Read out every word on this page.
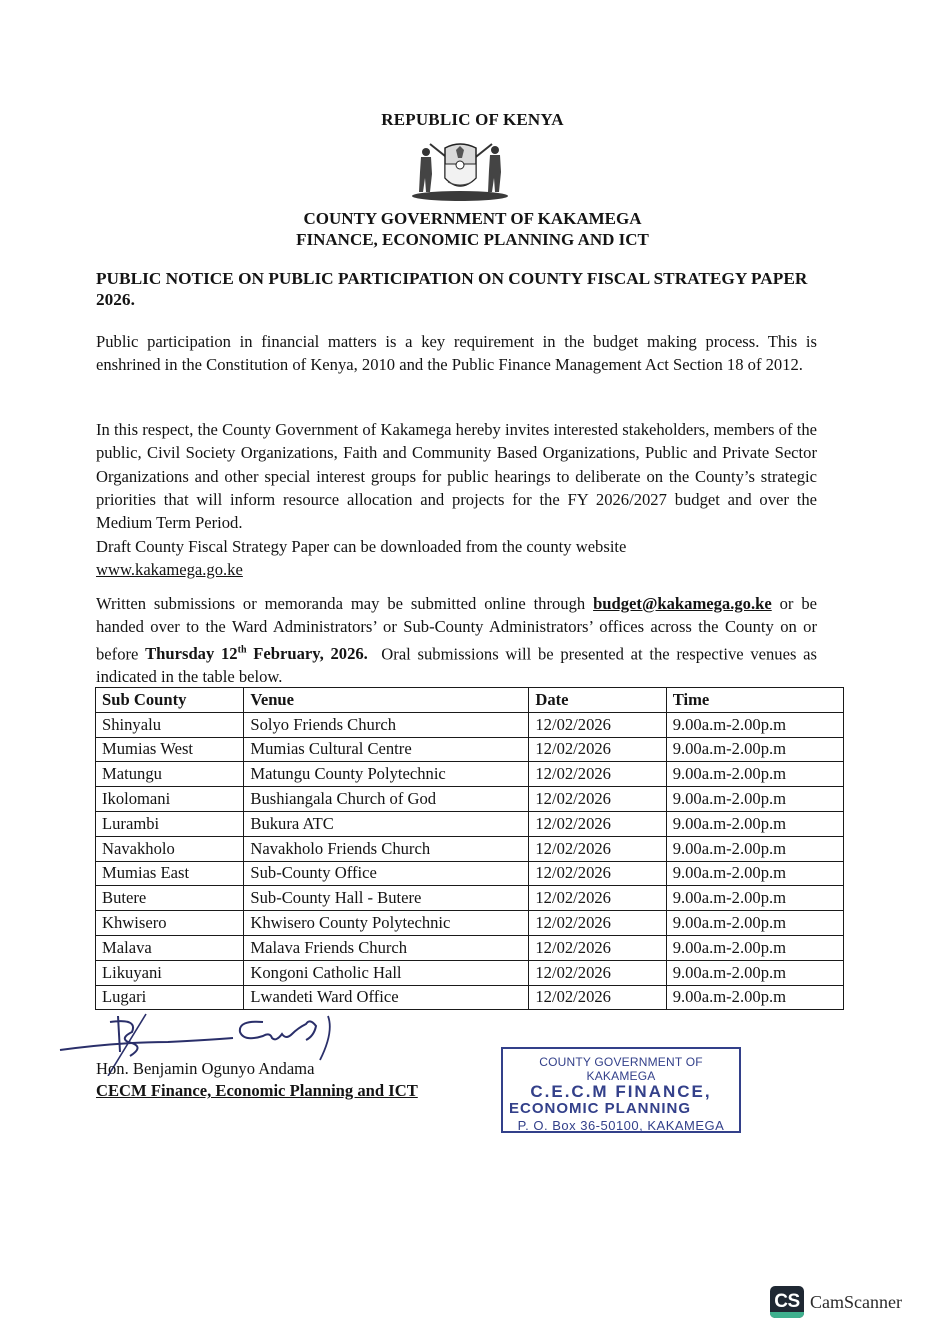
REPUBLIC OF KENYA
COUNTY GOVERNMENT OF KAKAMEGA
FINANCE, ECONOMIC PLANNING AND ICT
PUBLIC NOTICE ON PUBLIC PARTICIPATION ON COUNTY FISCAL STRATEGY PAPER 2026.
Public participation in financial matters is a key requirement in the budget making process. This is enshrined in the Constitution of Kenya, 2010 and the Public Finance Management Act Section 18 of 2012.
In this respect, the County Government of Kakamega hereby invites interested stakeholders, members of the public, Civil Society Organizations, Faith and Community Based Organizations, Public and Private Sector Organizations and other special interest groups for public hearings to deliberate on the County’s strategic priorities that will inform resource allocation and projects for the FY 2026/2027 budget and over the Medium Term Period.
Draft County Fiscal Strategy Paper can be downloaded from the county website
www.kakamega.go.ke
Written submissions or memoranda may be submitted online through budget@kakamega.go.ke or be handed over to the Ward Administrators’ or Sub-County Administrators’ offices across the County on or before Thursday 12th February, 2026.  Oral submissions will be presented at the respective venues as indicated in the table below.
Sub County	Venue	Date	Time
Shinyalu	Solyo Friends Church	12/02/2026	9.00a.m-2.00p.m
Mumias West	Mumias Cultural Centre	12/02/2026	9.00a.m-2.00p.m
Matungu	Matungu County Polytechnic	12/02/2026	9.00a.m-2.00p.m
Ikolomani	Bushiangala Church of God	12/02/2026	9.00a.m-2.00p.m
Lurambi	Bukura ATC	12/02/2026	9.00a.m-2.00p.m
Navakholo	Navakholo Friends Church	12/02/2026	9.00a.m-2.00p.m
Mumias East	Sub-County Office	12/02/2026	9.00a.m-2.00p.m
Butere	Sub-County Hall - Butere	12/02/2026	9.00a.m-2.00p.m
Khwisero	Khwisero County Polytechnic	12/02/2026	9.00a.m-2.00p.m
Malava	Malava Friends Church	12/02/2026	9.00a.m-2.00p.m
Likuyani	Kongoni Catholic Hall	12/02/2026	9.00a.m-2.00p.m
Lugari	Lwandeti Ward Office	12/02/2026	9.00a.m-2.00p.m
Hon. Benjamin Ogunyo Andama
CECM Finance, Economic Planning and ICT
COUNTY GOVERNMENT OF KAKAMEGA
C.E.C.M FINANCE,
ECONOMIC PLANNING
P. O. Box 36-50100, KAKAMEGA
CS CamScanner
